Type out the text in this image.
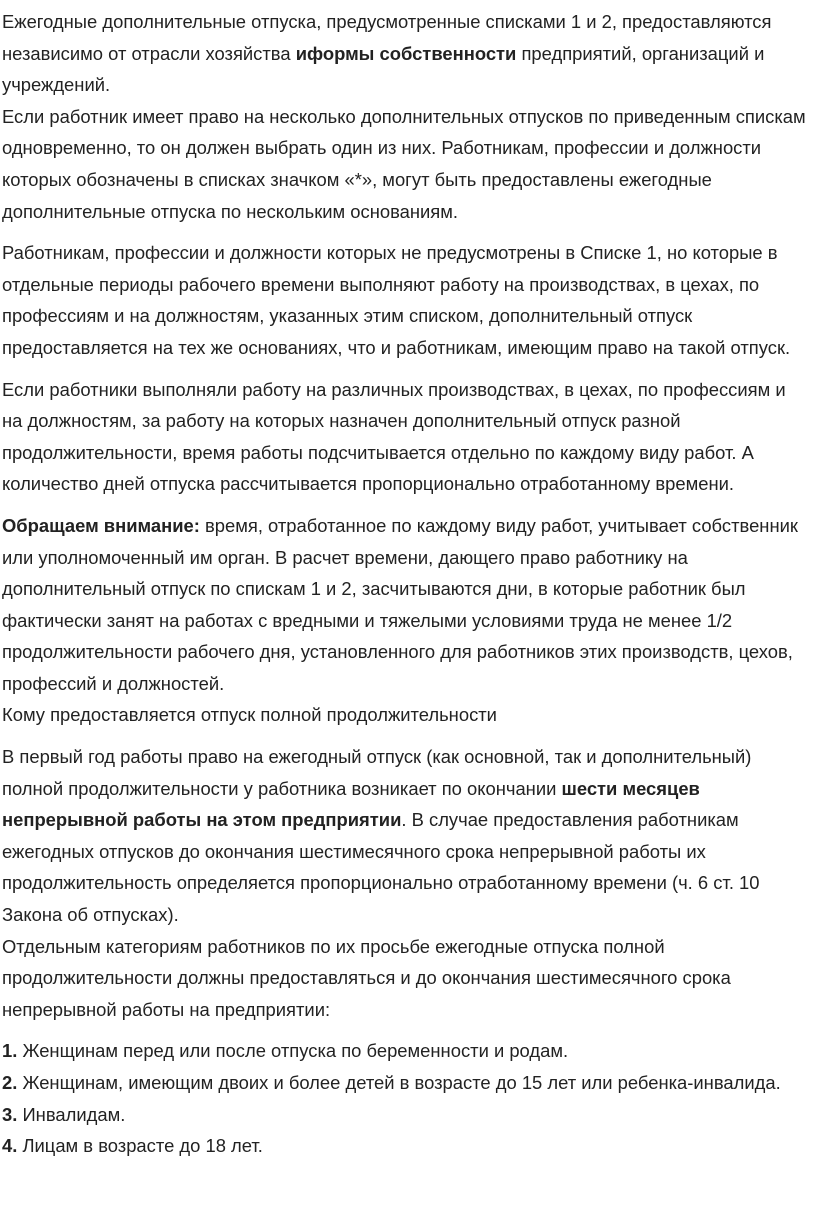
Ежегодные дополнительные отпуска, предусмотренные списками 1 и 2, предоставляются независимо от отрасли хозяйства иформы собственности предприятий, организаций и учреждений.

Если работник имеет право на несколько дополнительных отпусков по приведенным спискам одновременно, то он должен выбрать один из них. Работникам, профессии и должности которых обозначены в списках значком «*», могут быть предоставлены ежегодные дополнительные отпуска по нескольким основаниям.

Работникам, профессии и должности которых не предусмотрены в Списке 1, но которые в отдельные периоды рабочего времени выполняют работу на производствах, в цехах, по профессиям и на должностям, указанных этим списком, дополнительный отпуск предоставляется на тех же основаниях, что и работникам, имеющим право на такой отпуск.

Если работники выполняли работу на различных производствах, в цехах, по профессиям и на должностям, за работу на которых назначен дополнительный отпуск разной продолжительности, время работы подсчитывается отдельно по каждому виду работ. А количество дней отпуска рассчитывается пропорционально отработанному времени.

Обращаем внимание: время, отработанное по каждому виду работ, учитывает собственник или уполномоченный им орган. В расчет времени, дающего право работнику на дополнительный отпуск по спискам 1 и 2, засчитываются дни, в которые работник был фактически занят на работах с вредными и тяжелыми условиями труда не менее 1/2 продолжительности рабочего дня, установленного для работников этих производств, цехов, профессий и должностей.

Кому предоставляется отпуск полной продолжительности

В первый год работы право на ежегодный отпуск (как основной, так и дополнительный) полной продолжительности у работника возникает по окончании шести месяцев непрерывной работы на этом предприятии. В случае предоставления работникам ежегодных отпусков до окончания шестимесячного срока непрерывной работы их продолжительность определяется пропорционально отработанному времени (ч. 6 ст. 10 Закона об отпусках).

Отдельным категориям работников по их просьбе ежегодные отпуска полной продолжительности должны предоставляться и до окончания шестимесячного срока непрерывной работы на предприятии:

1. Женщинам перед или после отпуска по беременности и родам.

2. Женщинам, имеющим двоих и более детей в возрасте до 15 лет или ребенка-инвалида.

3. Инвалидам.

4. Лицам в возрасте до 18 лет.
